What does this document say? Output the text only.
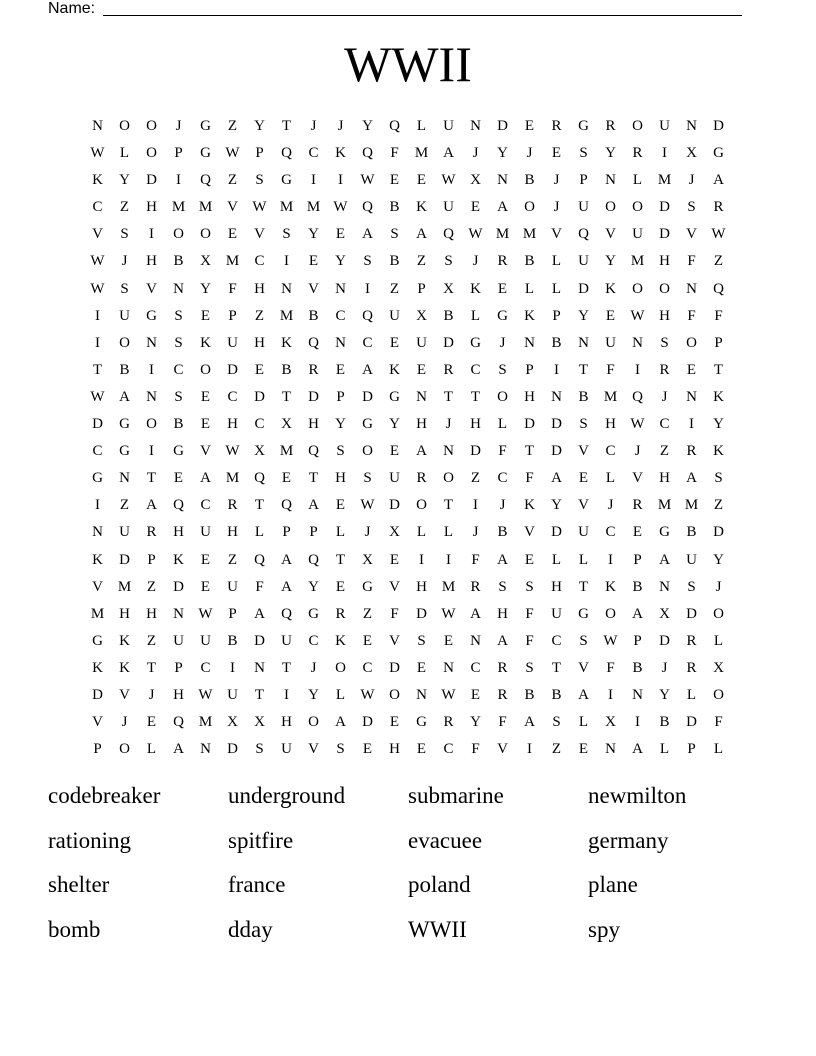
Name:
WWII
N	O	O	J	G	Z	Y	T	J	J	Y	Q	L	U	N	D	E	R	G	R	O	U	N	D
W	L	O	P	G W	P	Q	C	K	Q	F	M A	J	Y	J	E	S	Y	R	I	X	G
K	Y	D	I	Q	Z	S	G	I	I	W	E	E	W X	N	B	J	P	N	L	M	J	A
C	Z	H M M V W M M W Q	B	K	U	E	A	O	J	U	O	O	D	S	R
V	S	I	O	O	E	V	S	Y	E	A	S	A	Q W M M V	Q	V	U	D	V W
W	J	H	B	X M	C	I	E	Y	S	B	Z	S	J	R	B	L	U	Y M H	F	Z
W	S	V	N	Y	F	H	N	V	N	I	Z	P	X	K	E	L	L	D	K	O	O	N	Q
I	U	G	S	E	P	Z	M	B	C	Q	U	X	B	L	G	K	P	Y	E	W H	F	F
I	O	N	S	K	U	H	K	Q	N	C	E	U	D	G	J	N	B	N	U	N	S	O	P
T	B	I	C	O	D	E	B	R	E	A	K	E	R	C	S	P	I	T	F	I	R	E	T
W A	N	S	E	C	D	T	D	P	D	G	N	T	T	O	H	N	B	M Q	J	N	K
D	G	O	B	E	H	C	X	H	Y	G	Y	H	J	H	L	D	D	S	H W C	I	Y
C	G	I	G	V W X M Q	S	O	E	A	N	D	F	T	D	V	C	J	Z	R	K
G	N	T	E	A M Q	E	T	H	S	U	R	O	Z	C	F	A	E	L	V	H	A	S
I	Z	A	Q	C	R	T	Q	A	E	W D	O	T	I	J	K	Y	V	J	R	M M	Z
N	U	R	H	U	H	L	P	P	L	J	X	L	L	J	B	V	D	U	C	E	G	B	D
K	D	P	K	E	Z	Q	A	Q	T	X	E	I	I	F	A	E	L	L	I	P	A	U	Y
V M	Z	D	E	U	F	A	Y	E	G	V	H M	R	S	S	H	T	K	B	N	S	J
M H	H	N W	P	A	Q	G	R	Z	F	D W A	H	F	U	G	O	A	X	D	O
G	K	Z	U	U	B	D	U	C	K	E	V	S	E	N	A	F	C	S	W	P	D	R	L
K	K	T	P	C	I	N	T	J	O	C	D	E	N	C	R	S	T	V	F	B	J	R	X
D	V	J	H W U	T	I	Y	L	W O	N W	E	R	B	B	A	I	N	Y	L	O
V	J	E	Q M X	X	H	O	A	D	E	G	R	Y	F	A	S	L	X	I	B	D	F
P	O	L	A	N	D	S	U	V	S	E	H	E	C	F	V	I	Z	E	N	A	L	P	L
codebreaker	underground	submarine	newmilton
rationing	spitfire	evacuee	germany
shelter	france	poland	plane
bomb	dday	WWII	spy
